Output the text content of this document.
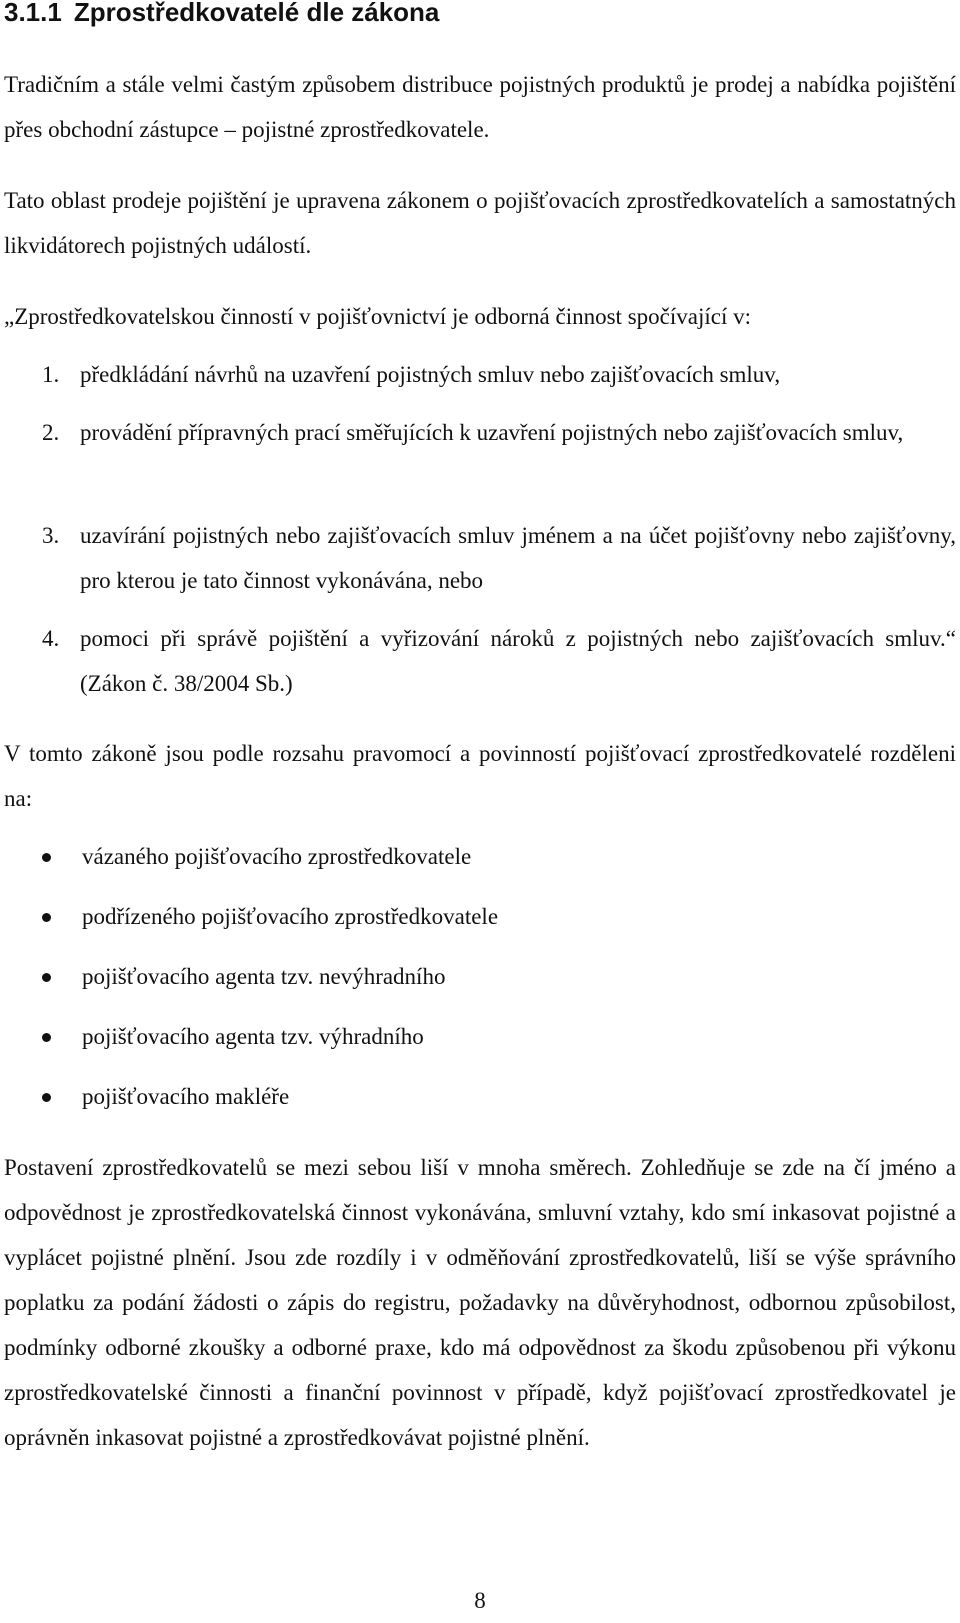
3.1.1 Zprostředkovatelé dle zákona

Tradičním a stále velmi častým způsobem distribuce pojistných produktů je prodej a nabídka pojištění přes obchodní zástupce – pojistné zprostředkovatele.

Tato oblast prodeje pojištění je upravena zákonem o pojišťovacích zprostředkovatelích a samostatných likvidátorech pojistných událostí.

„Zprostředkovatelskou činností v pojišťovnictví je odborná činnost spočívající v:

1. předkládání návrhů na uzavření pojistných smluv nebo zajišťovacích smluv,
2. provádění přípravných prací směřujících k uzavření pojistných nebo zajišťovacích smluv,
3. uzavírání pojistných nebo zajišťovacích smluv jménem a na účet pojišťovny nebo zajišťovny, pro kterou je tato činnost vykonávána, nebo
4. pomoci při správě pojištění a vyřizování nároků z pojistných nebo zajišťovacích smluv.“ (Zákon č. 38/2004 Sb.)

V tomto zákoně jsou podle rozsahu pravomocí a povinností pojišťovací zprostředkovatelé rozděleni na:

vázaného pojišťovacího zprostředkovatele
podřízeného pojišťovacího zprostředkovatele
pojišťovacího agenta tzv. nevýhradního
pojišťovacího agenta tzv. výhradního
pojišťovacího makléře

Postavení zprostředkovatelů se mezi sebou liší v mnoha směrech. Zohledňuje se zde na čí jméno a odpovědnost je zprostředkovatelská činnost vykonávána, smluvní vztahy, kdo smí inkasovat pojistné a vyplácet pojistné plnění. Jsou zde rozdíly i v odměňování zprostředkovatelů, liší se výše správního poplatku za podání žádosti o zápis do registru, požadavky na důvěryhodnost, odbornou způsobilost, podmínky odborné zkoušky a odborné praxe, kdo má odpovědnost za škodu způsobenou při výkonu zprostředkovatelské činnosti a finanční povinnost v případě, když pojišťovací zprostředkovatel je oprávněn inkasovat pojistné a zprostředkovávat pojistné plnění.

8
